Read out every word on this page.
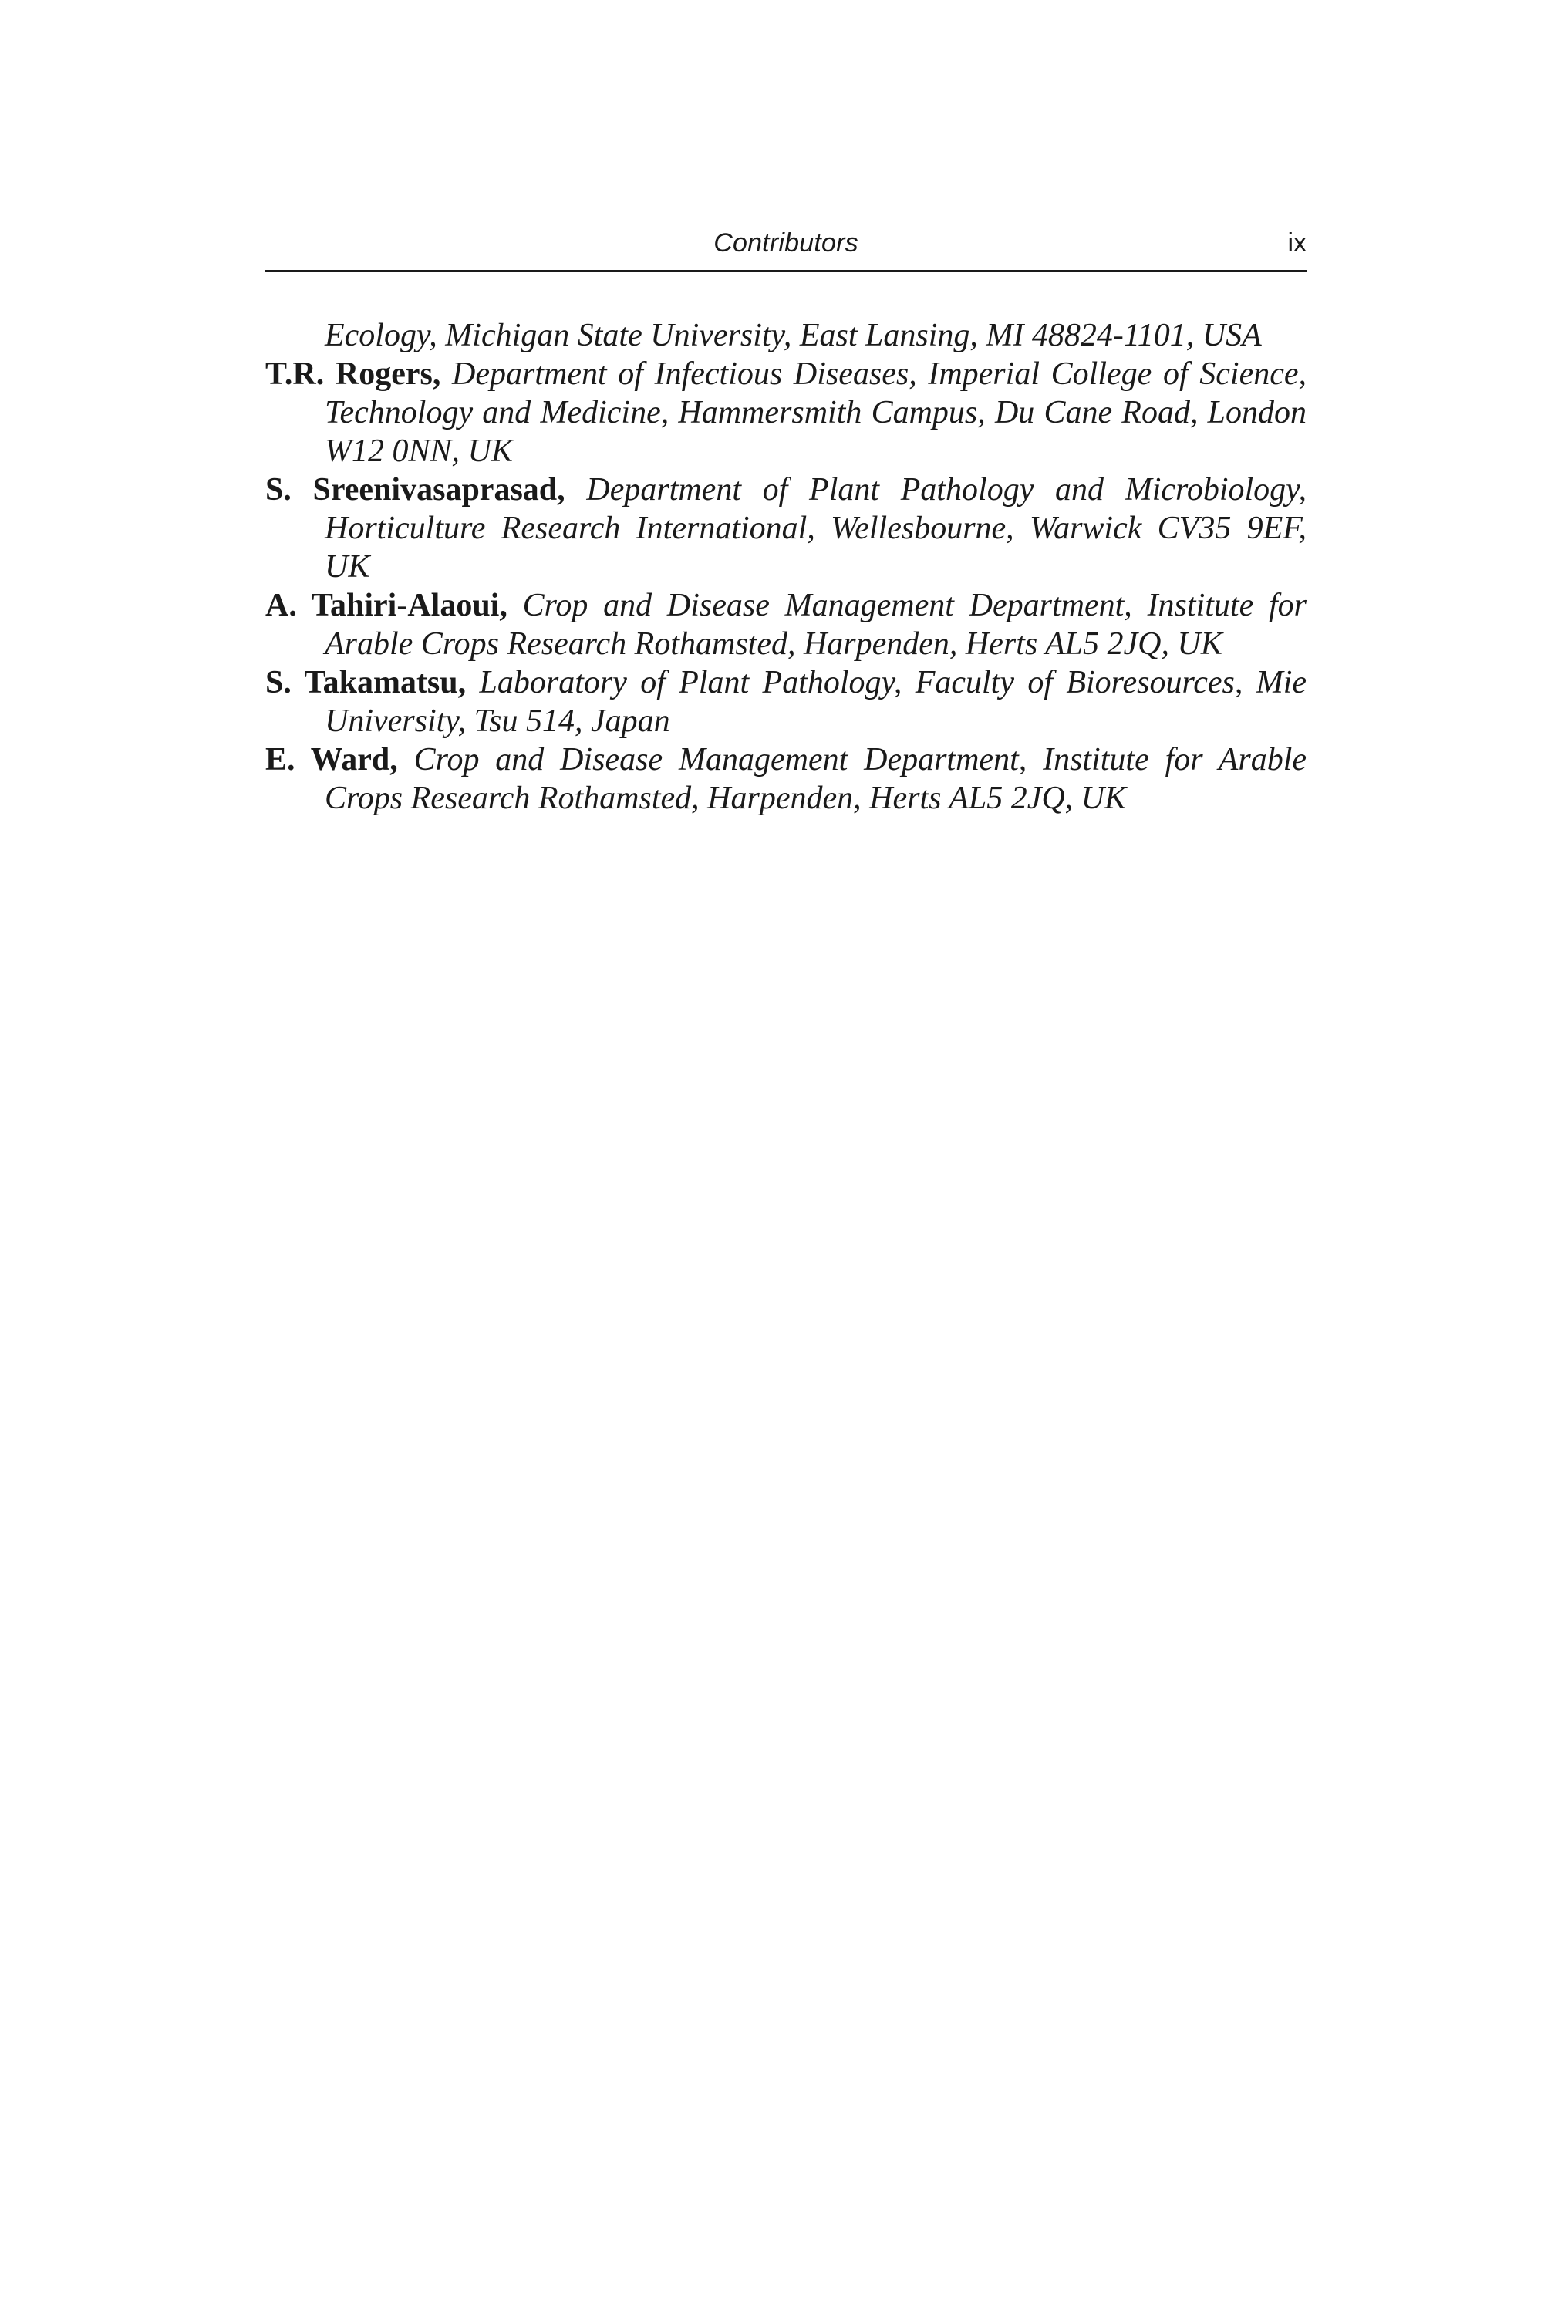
Contributors	ix

Ecology, Michigan State University, East Lansing, MI 48824-1101, USA

T.R. Rogers, Department of Infectious Diseases, Imperial College of Science, Technology and Medicine, Hammersmith Campus, Du Cane Road, London W12 0NN, UK

S. Sreenivasaprasad, Department of Plant Pathology and Microbiology, Horticulture Research International, Wellesbourne, Warwick CV35 9EF, UK

A. Tahiri-Alaoui, Crop and Disease Management Department, Institute for Arable Crops Research Rothamsted, Harpenden, Herts AL5 2JQ, UK

S. Takamatsu, Laboratory of Plant Pathology, Faculty of Bioresources, Mie University, Tsu 514, Japan

E. Ward, Crop and Disease Management Department, Institute for Arable Crops Research Rothamsted, Harpenden, Herts AL5 2JQ, UK
